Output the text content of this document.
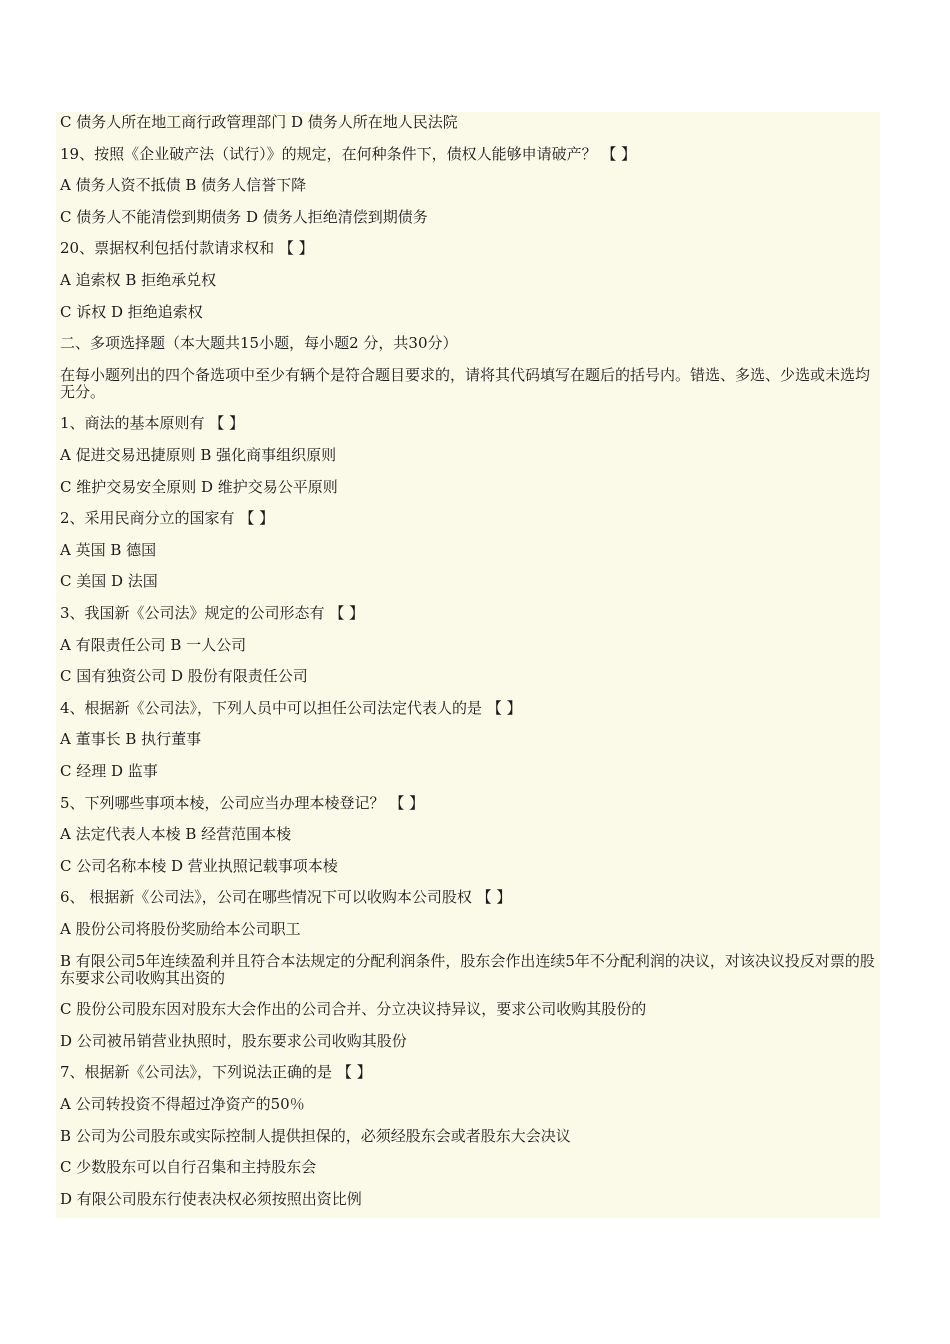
C 债务人所在地工商行政管理部门 D 债务人所在地人民法院
19、按照《企业破产法（试行）》的规定，在何种条件下，债权人能够申请破产？ 【 】
A 债务人资不抵债 B 债务人信誉下降
C 债务人不能清偿到期债务 D 债务人拒绝清偿到期债务
20、票据权利包括付款请求权和 【 】
A 追索权 B 拒绝承兑权
C 诉权 D 拒绝追索权
二、多项选择题（本大题共15小题，每小题2 分，共30分）
在每小题列出的四个备选项中至少有辆个是符合题目要求的，请将其代码填写在题后的括号内。错选、多选、少选或未选均无分。
1、商法的基本原则有 【 】
A 促进交易迅捷原则 B 强化商事组织原则
C 维护交易安全原则 D 维护交易公平原则
2、采用民商分立的国家有 【 】
A 英国 B 德国
C 美国 D 法国
3、我国新《公司法》规定的公司形态有 【 】
A 有限责任公司 B 一人公司
C 国有独资公司 D 股份有限责任公司
4、根据新《公司法》，下列人员中可以担任公司法定代表人的是 【 】
A 董事长 B 执行董事
C 经理 D 监事
5、下列哪些事项本棱，公司应当办理本棱登记？ 【 】
A 法定代表人本棱 B 经营范围本棱
C 公司名称本棱 D 营业执照记载事项本棱
6、 根据新《公司法》，公司在哪些情况下可以收购本公司股权 【 】
A 股份公司将股份奖励给本公司职工
B 有限公司5年连续盈利并且符合本法规定的分配利润条件，股东会作出连续5年不分配利润的决议，对该决议投反对票的股东要求公司收购其出资的
C 股份公司股东因对股东大会作出的公司合并、分立决议持异议，要求公司收购其股份的
D 公司被吊销营业执照时，股东要求公司收购其股份
7、根据新《公司法》，下列说法正确的是 【 】
A 公司转投资不得超过净资产的50％
B 公司为公司股东或实际控制人提供担保的，必须经股东会或者股东大会决议
C 少数股东可以自行召集和主持股东会
D 有限公司股东行使表决权必须按照出资比例
